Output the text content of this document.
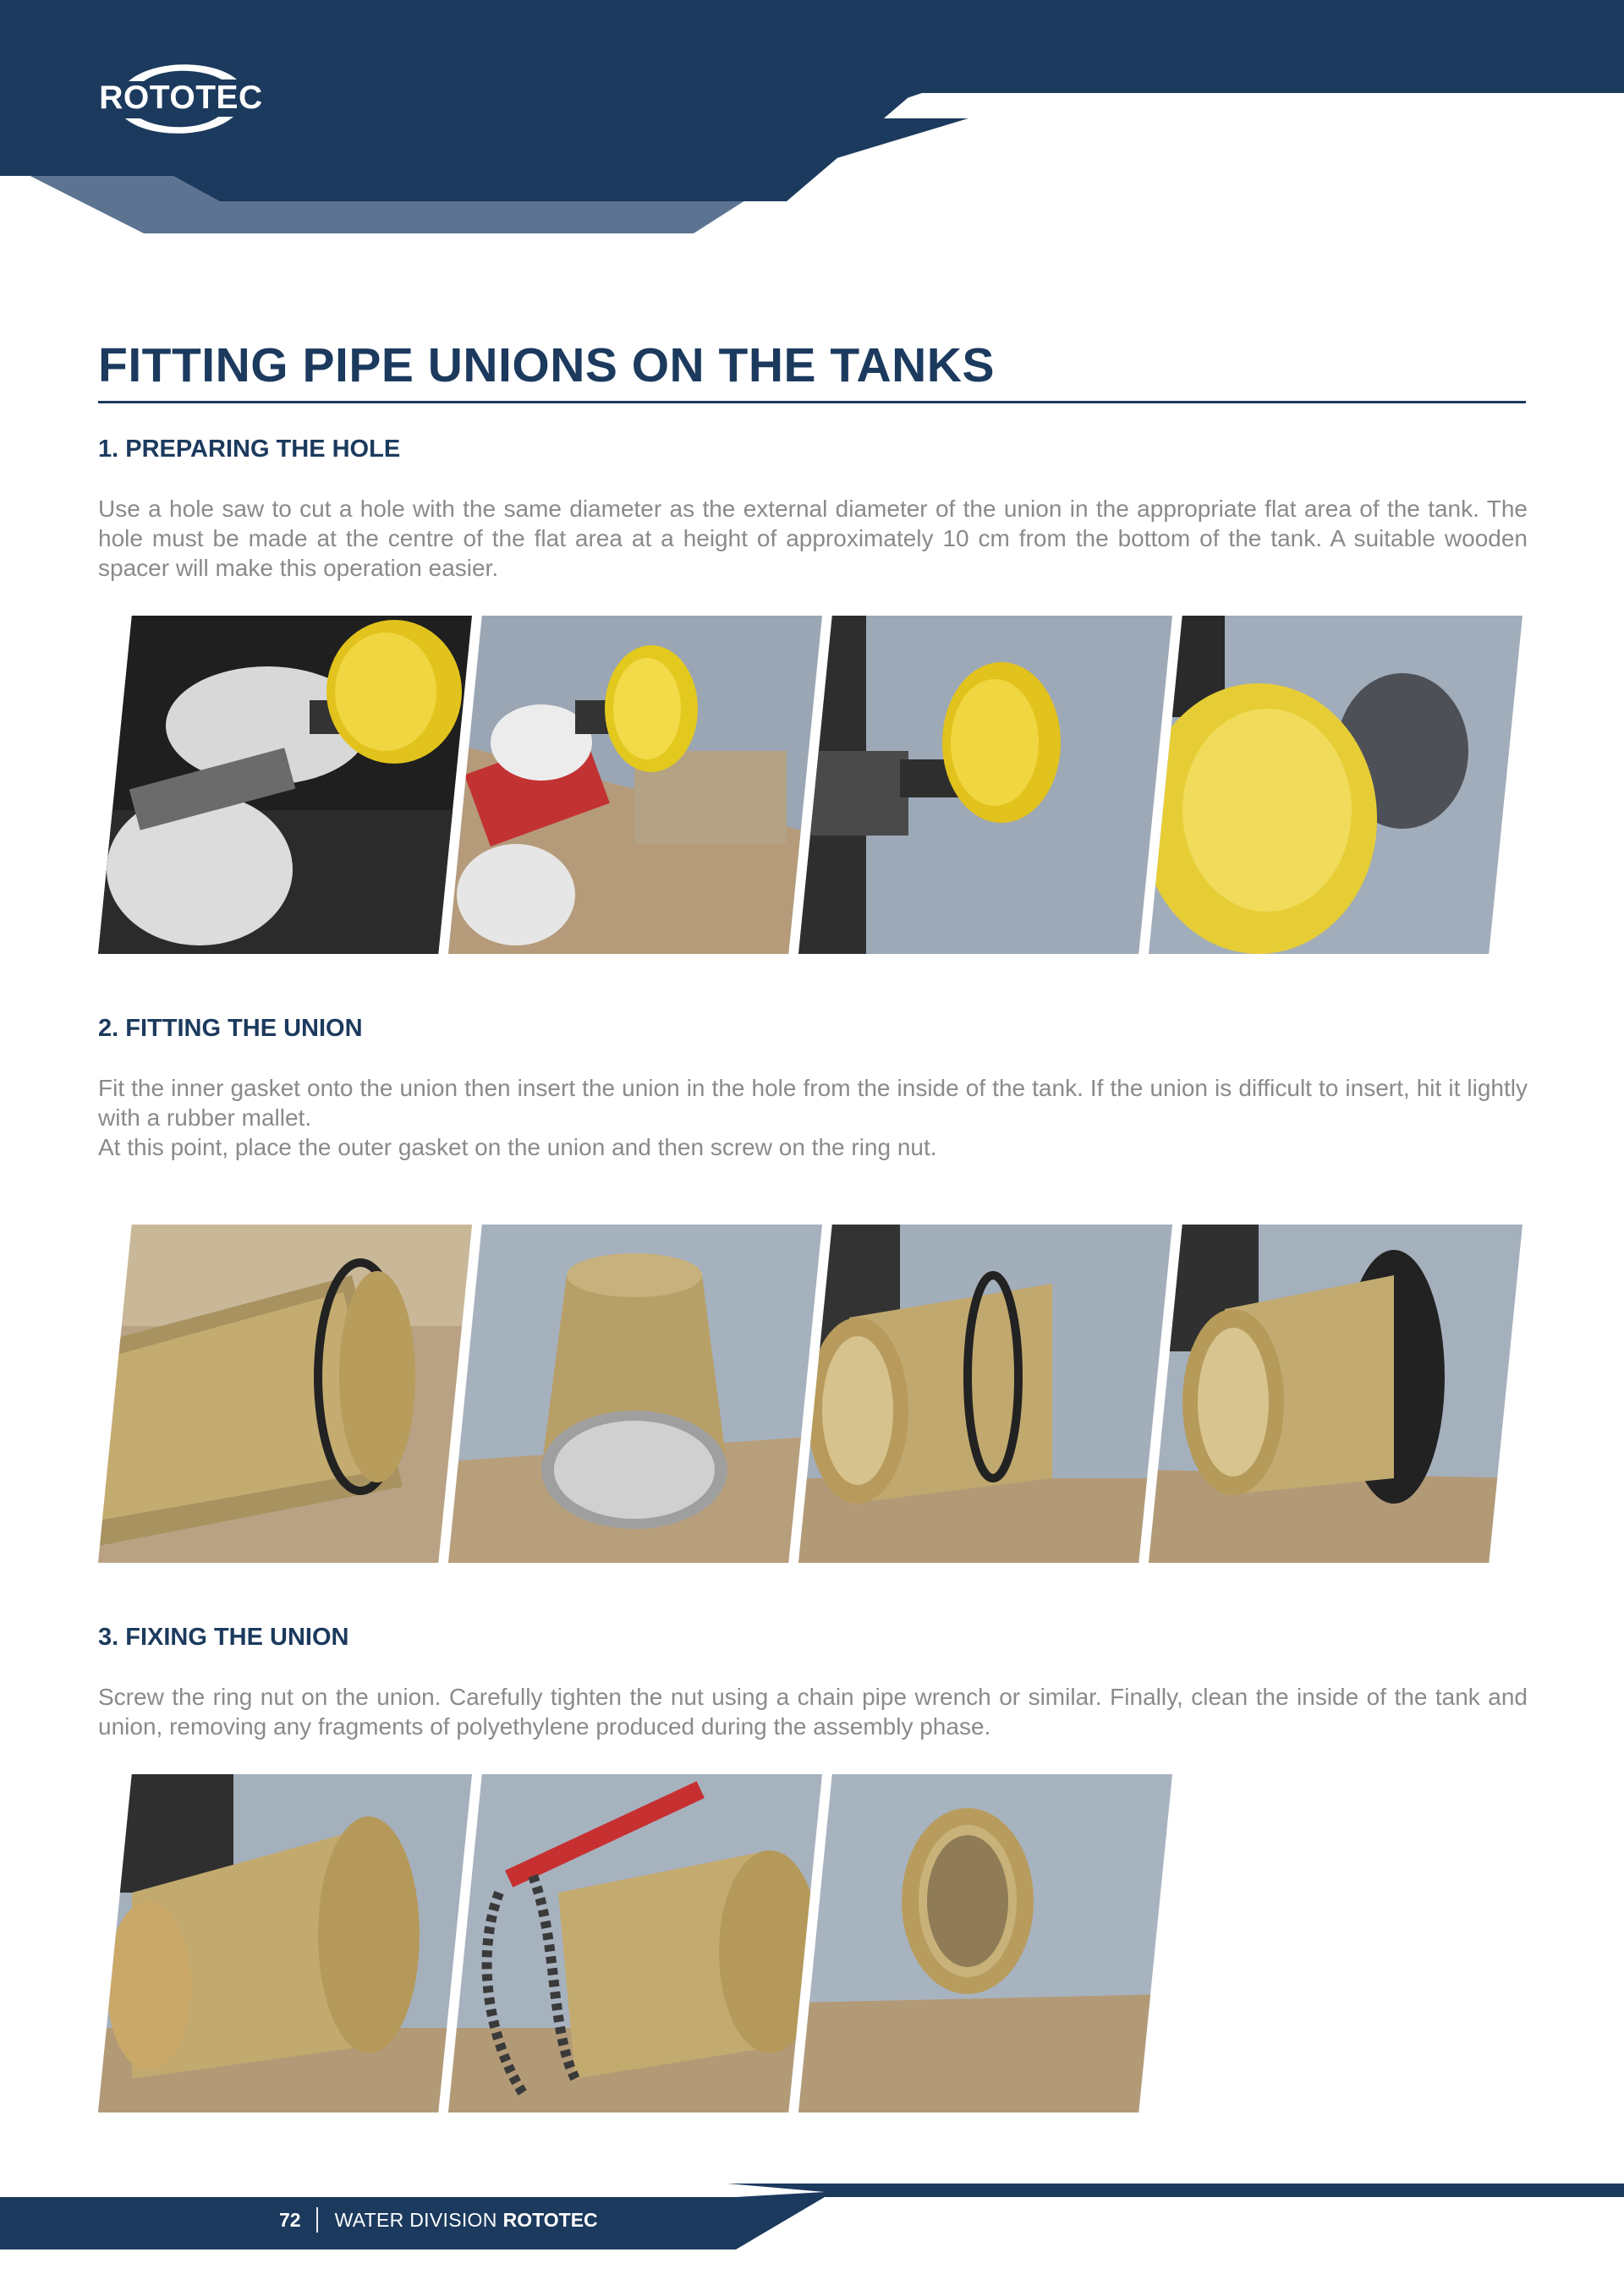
ROTOTEC
FITTING PIPE UNIONS ON THE TANKS
1. PREPARING THE HOLE

Use a hole saw to cut a hole with the same diameter as the external diameter of the union in the appropriate flat area of the tank. The hole must be made at the centre of the flat area at a height of approximately 10 cm from the bottom of the tank. A suitable wooden spacer will make this operation easier.

2. FITTING THE UNION

Fit the inner gasket onto the union then insert the union in the hole from the inside of the tank. If the union is difficult to insert, hit it lightly with a rubber mallet.

At this point, place the outer gasket on the union and then screw on the ring nut.

3. FIXING THE UNION

Screw the ring nut on the union. Carefully tighten the nut using a chain pipe wrench or similar. Finally, clean the inside of the tank and union, removing any fragments of polyethylene produced during the assembly phase.

72 WATER DIVISION ROTOTEC
